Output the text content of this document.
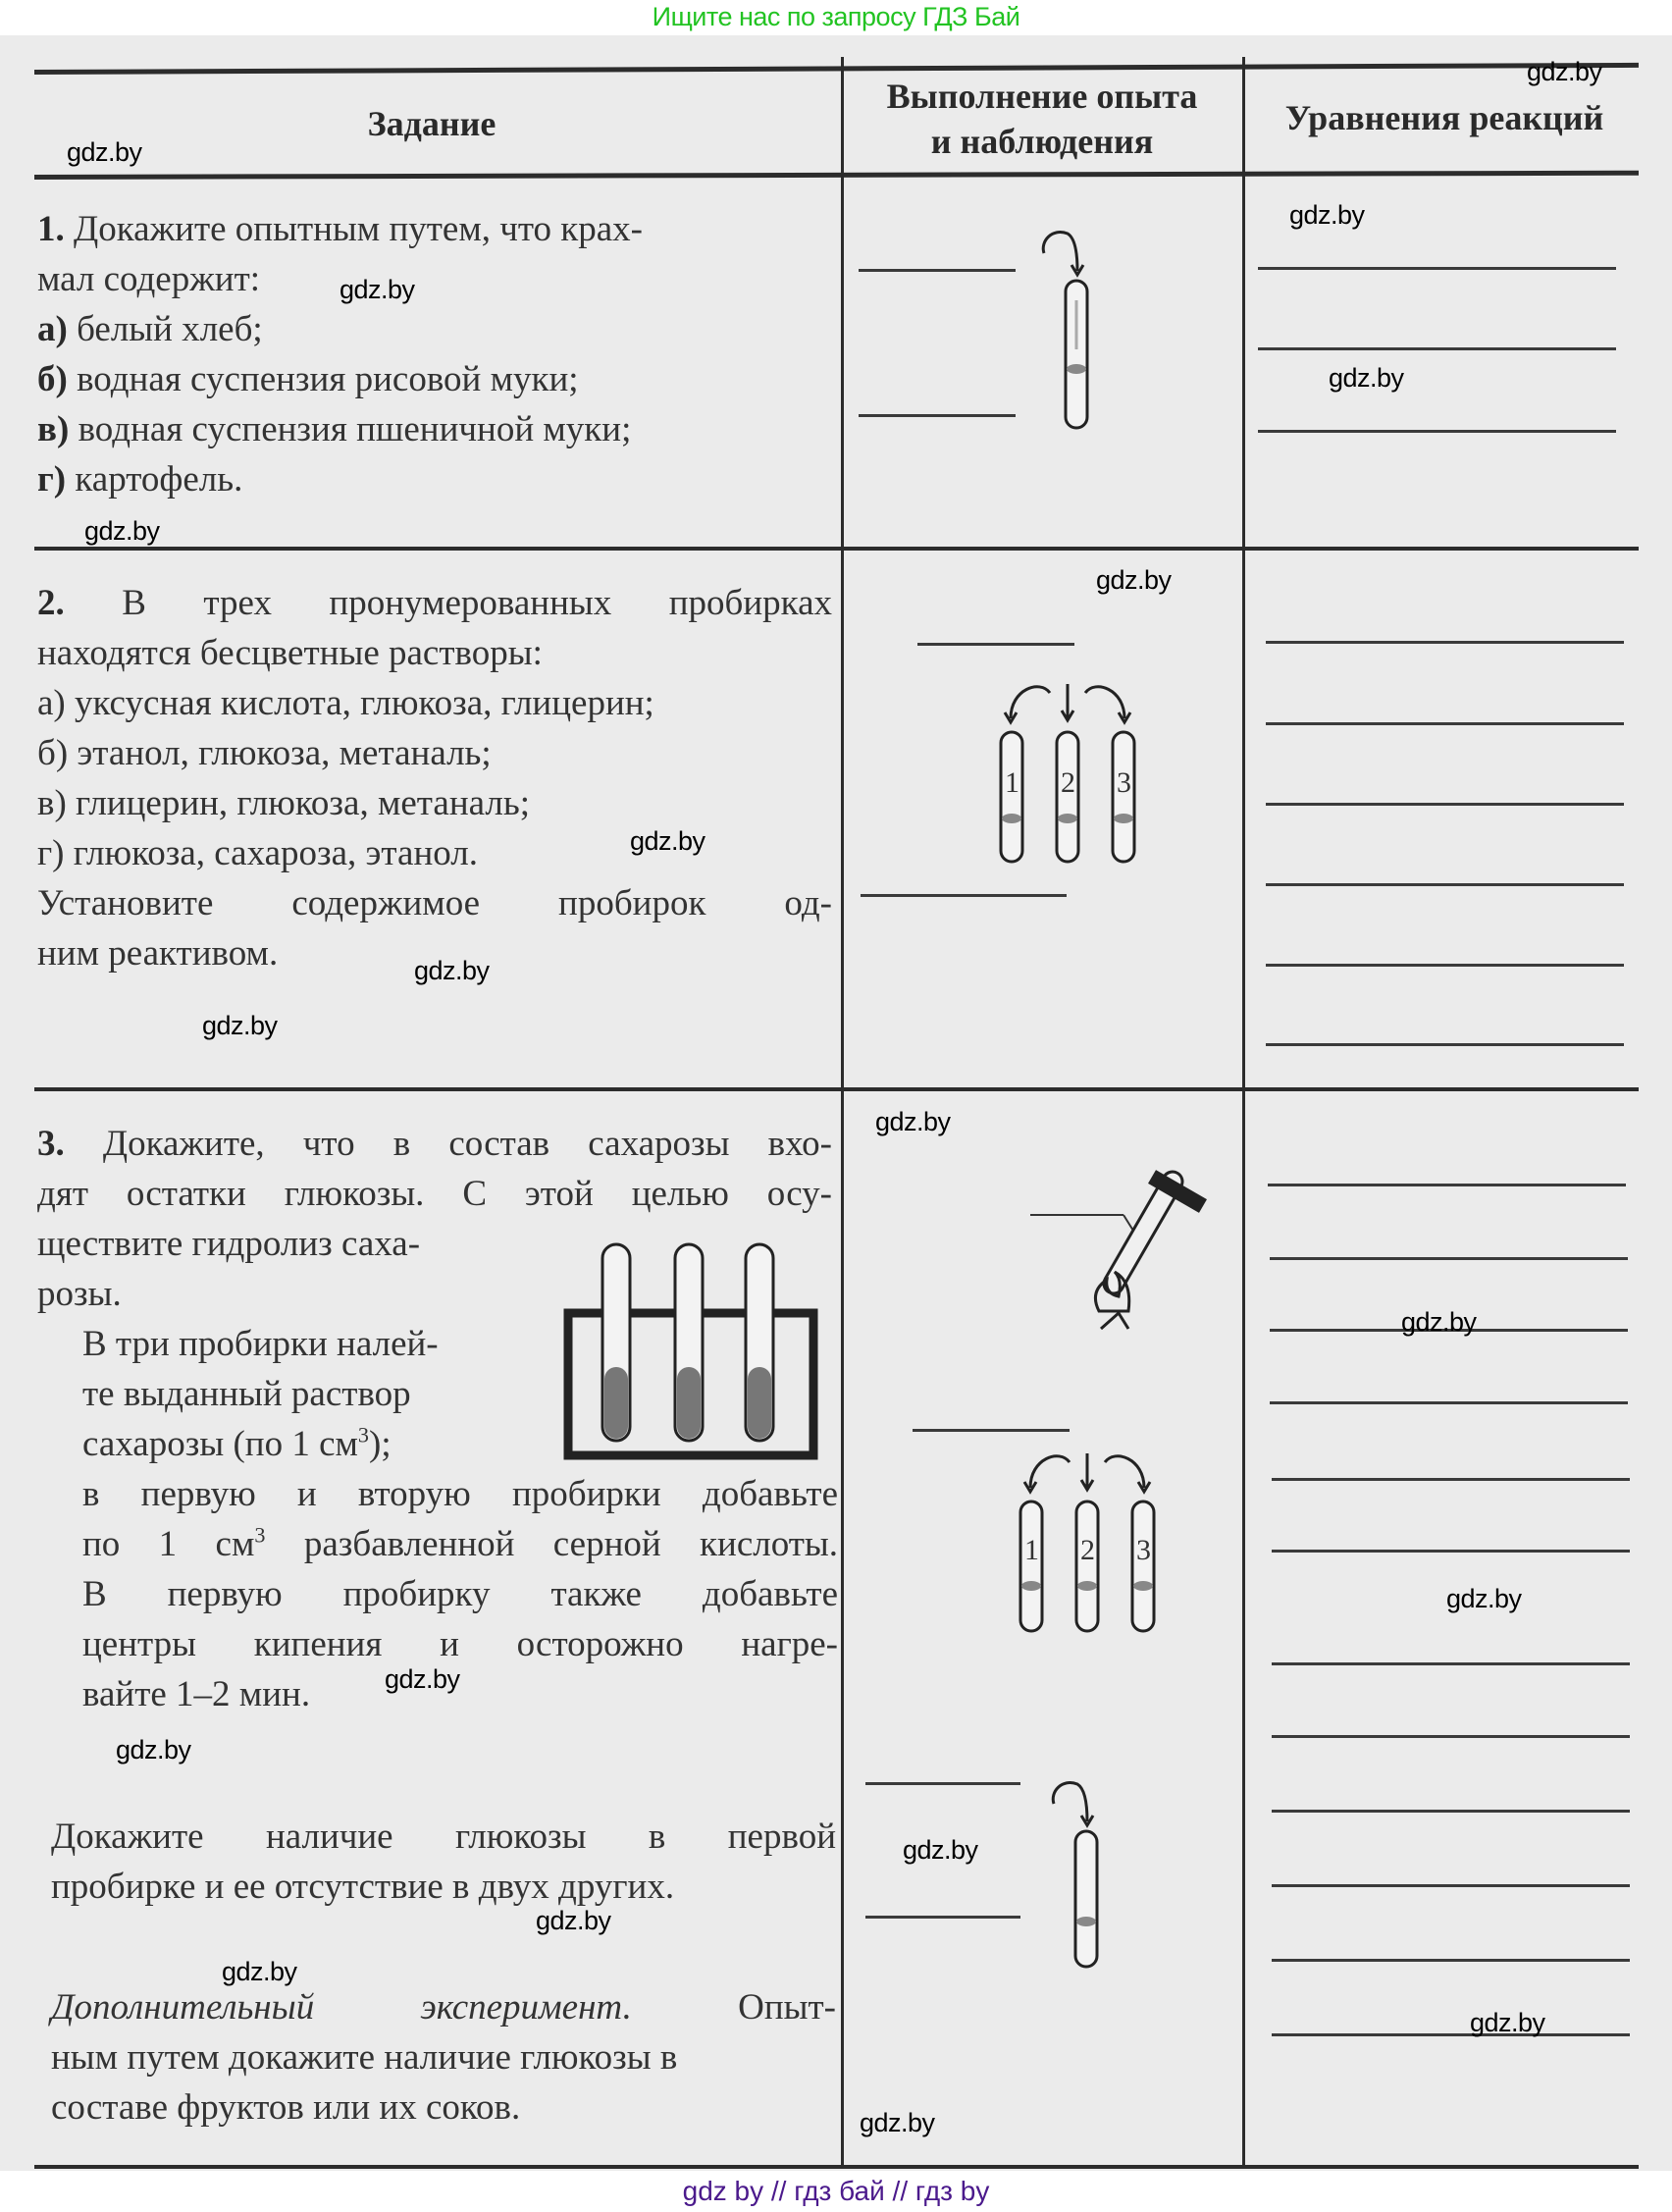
Ищите нас по запросу ГДЗ Бай
Задание
Выполнение опыта
и наблюдения
Уравнения реакций

1. Докажите опытным путем, что крах-

мал содержит:

а) белый хлеб;

б) водная суспензия рисовой муки;

в) водная суспензия пшеничной муки;

г) картофель.

2. В трех пронумерованных пробирках

находятся бесцветные растворы:

а) уксусная кислота, глюкоза, глицерин;

б) этанол, глюкоза, метаналь;

в) глицерин, глюкоза, метаналь;

г) глюкоза, сахароза, этанол.

Установите содержимое пробирок од-

ним реактивом.

1 2 3

3. Докажите, что в состав сахарозы вхо-

дят остатки глюкозы. С этой целью осу-

ществите гидролиз саха-

розы.

В три пробирки налей-

те выданный раствор

сахарозы (по 1 $см^3$);

в первую и вторую пробирки добавьте

по 1 $см^3$ разбавленной серной кислоты.

В первую пробирку также добавьте

центры кипения и осторожно нагре-

вайте 1–2 мин.

Докажите наличие глюкозы в первой

пробирке и ее отсутствие в двух других.

Дополнительный эксперимент.	Опыт-

ным путем докажите наличие глюкозы в

составе фруктов или их соков.

1 2 3
gdz.by
gdz.by
gdz.by
gdz.by
gdz.by
gdz.by
gdz.by
gdz.by
gdz.by
gdz.by
gdz.by
gdz.by
gdz.by
gdz.by
gdz.by
gdz.by
gdz.by
gdz.by
gdz.by
gdz.by
gdz by // гдз бай // гдз by
